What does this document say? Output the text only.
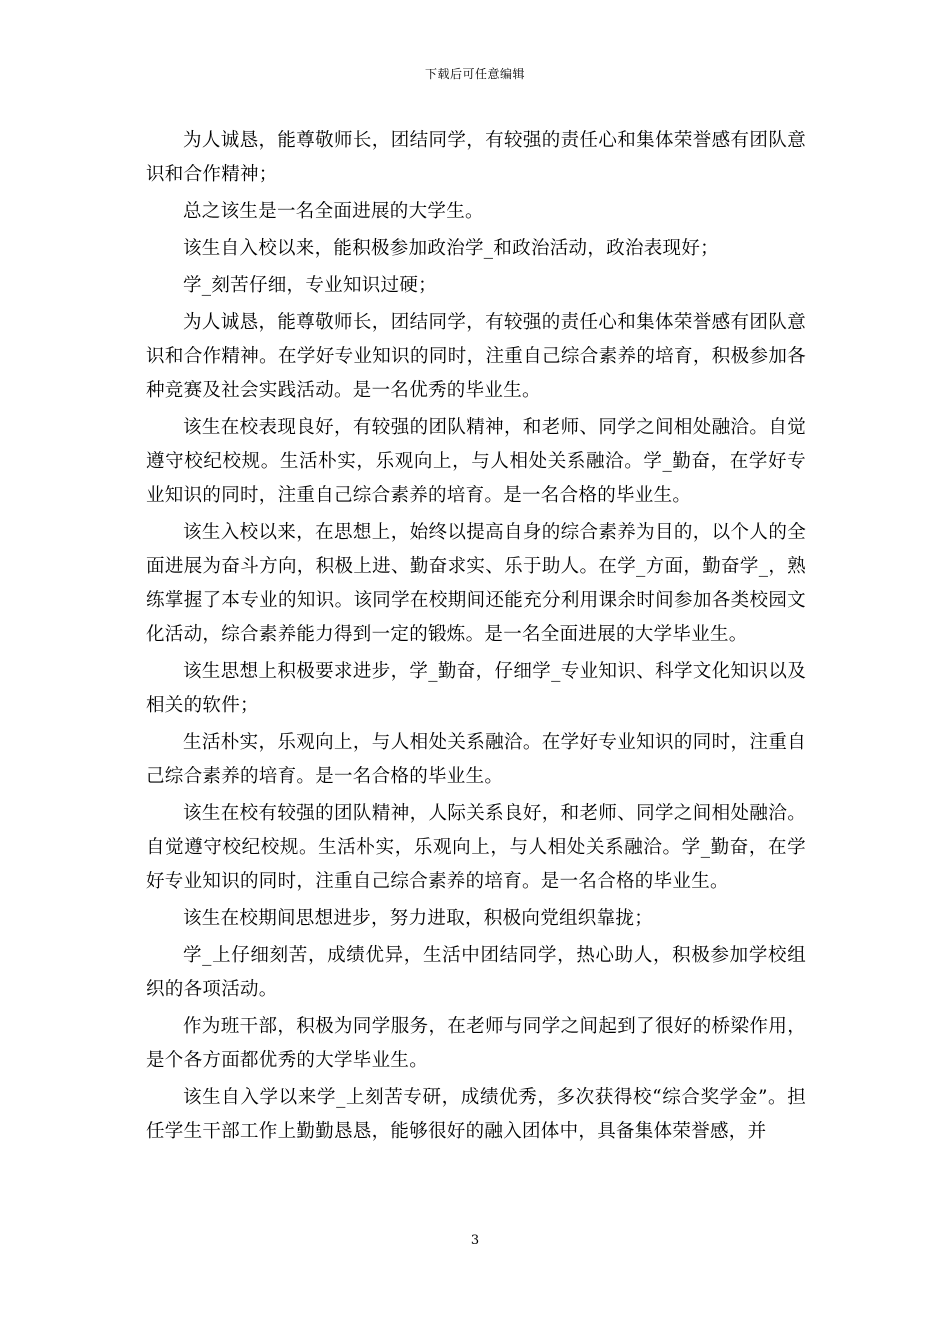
下载后可任意编辑

为人诚恳，能尊敬师长，团结同学，有较强的责任心和集体荣誉感有团队意识和合作精神；

总之该生是一名全面进展的大学生。

该生自入校以来，能积极参加政治学_和政治活动，政治表现好；

学_刻苦仔细，专业知识过硬；

为人诚恳，能尊敬师长，团结同学，有较强的责任心和集体荣誉感有团队意识和合作精神。在学好专业知识的同时，注重自己综合素养的培育，积极参加各种竞赛及社会实践活动。是一名优秀的毕业生。

该生在校表现良好，有较强的团队精神，和老师、同学之间相处融洽。自觉遵守校纪校规。生活朴实，乐观向上，与人相处关系融洽。学_勤奋，在学好专业知识的同时，注重自己综合素养的培育。是一名合格的毕业生。

该生入校以来，在思想上，始终以提高自身的综合素养为目的，以个人的全面进展为奋斗方向，积极上进、勤奋求实、乐于助人。在学_方面，勤奋学_，熟练掌握了本专业的知识。该同学在校期间还能充分利用课余时间参加各类校园文化活动，综合素养能力得到一定的锻炼。是一名全面进展的大学毕业生。

该生思想上积极要求进步，学_勤奋，仔细学_专业知识、科学文化知识以及相关的软件；

生活朴实，乐观向上，与人相处关系融洽。在学好专业知识的同时，注重自己综合素养的培育。是一名合格的毕业生。

该生在校有较强的团队精神，人际关系良好，和老师、同学之间相处融洽。自觉遵守校纪校规。生活朴实，乐观向上，与人相处关系融洽。学_勤奋，在学好专业知识的同时，注重自己综合素养的培育。是一名合格的毕业生。

该生在校期间思想进步，努力进取，积极向党组织靠拢；

学_上仔细刻苦，成绩优异，生活中团结同学，热心助人，积极参加学校组织的各项活动。

作为班干部，积极为同学服务，在老师与同学之间起到了很好的桥梁作用，是个各方面都优秀的大学毕业生。

该生自入学以来学_上刻苦专研，成绩优秀，多次获得校“综合奖学金”。担任学生干部工作上勤勤恳恳，能够很好的融入团体中，具备集体荣誉感，并

3
